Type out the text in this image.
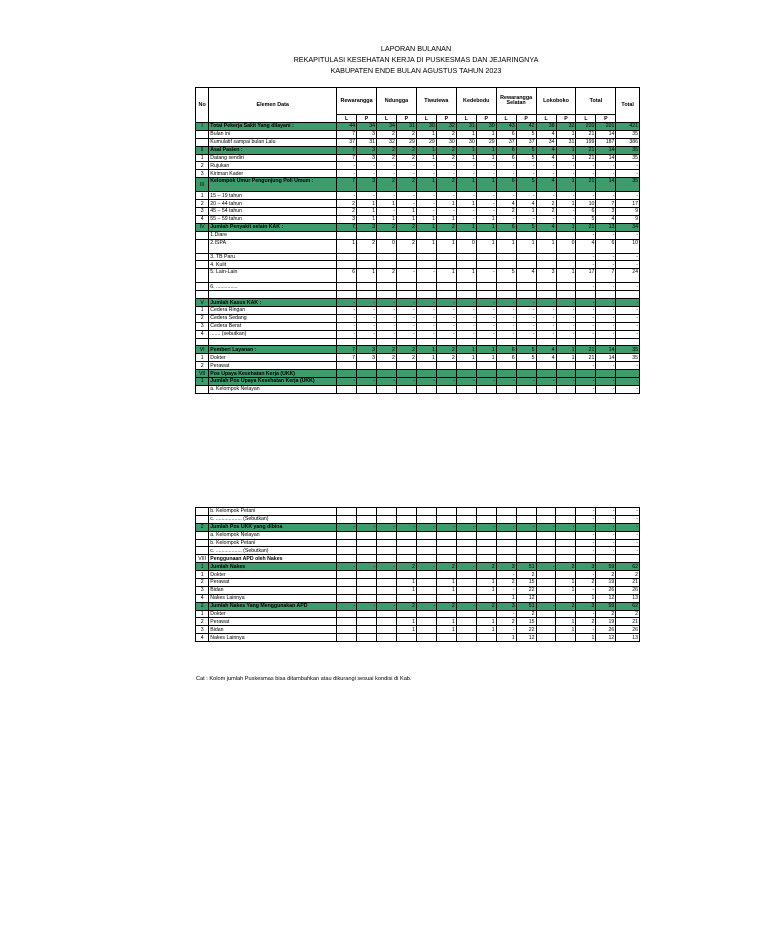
LAPORAN BULANAN
REKAPITULASI KESEHATAN KERJA DI PUSKESMAS DAN JEJARINGNYA
KABUPATEN ENDE BULAN AGUSTUS TAHUN 2023
No	Elemen Data	Rewarangga		Ndungga		Tiwutewa		Kedebodu		Rewarangga Selatan		Lokoboko		Total		Total
		L	P	L	P	L	P	L	P	L	P	L	P	L	P	
I	Total Pekerja Sakit Yang dilayani :	44	34	34	31	30	32	31	30	43	42	38	32	220	201	421
	Bulan ini	7	3	2	2	1	2	1	1	6	5	4	1	21	14	35
	Kumulatif sampai bulan Lalu	37	31	32	29	29	30	30	29	37	37	34	31	199	187	386
II	Asal Pasien :	7	3	2	2	1	2	1	1	6	5	4	1	21	14	35
1	Datang sendiri	7	3	2	2	1	2	1	1	6	5	4	1	21	14	35
2	Rujukan	-	-	-	-	-	-	-	-	-	-	-	-	-	-	-
3	Kiriman Kader	-	-	-	-	-	-	-	-	-	-	-	-	-	-	-
III	Kelompok Umur Pengunjung Poli Umum :	7	3	2	2	1	2	1	1	6	5	4	1	21	14	35
1	15 – 19 tahun	-	-	-	-	-	-	-	-	-	-	-	-	-	-	-
2	20 – 44 tahun	2	1	1	-	-	1	1	-	4	4	2	1	10	7	17
3	45 – 54 tahun	2	1	-	1	-	-	-	-	2	1	2	-	6	3	9
4	55 – 59 tahun	3	1	1	1	1	1	-	1	-	-	-	-	5	4	9
IV	Jumlah Penyakit selain KAK :	7	3	2	2	1	2	1	1	6	5	4	1	21	13	34
	1.Diare													-	-	-
	2.ISPA	1	2	0	2	1	1	0	1	1	1	1	0	4	6	10
	3. TB Paru													-	-	-
	4. Kulit													-	-	-
	5. Lain-Lain	6	1	2	-	-	1	1	-	5	4	3	1	17	7	24
	6. ...............													-	-	-

V	Jumlah Kasus KAK :	-	-	-	-	-	-	-	-	-	-	-	-	-	-	-
1	Cedera Ringan	-	-	-	-	-	-	-	-	-	-	-	-	-	-	-
2	Cedera Sedang	-	-	-	-	-	-	-	-	-	-	-	-	-	-	-
3	Cedera Berat	-	-	-	-	-	-	-	-	-	-	-	-	-	-	-
4	....... (sebutkan)	-	-	-	-	-	-	-	-	-	-	-	-	-	-	-

VI	Pemberi Layanan :	7	3	2	2	1	2	1	1	6	5	4	1	21	14	35
1	Dokter	7	3	2	2	1	2	1	1	6	5	4	1	21	14	35
2	Perawat													-	-	-
VII	Pos Upaya Kesehatan Kerja (UKK)															
1	Jumlah Pos Upaya Kesehatan Kerja (UKK)	-	-	-	-	-	-	-	-	-	-	-	-	-	-	-
	a. Kelompok Nelayan													-	-	-
	b. Kelompok Petani													-	-	-
	c. .................. (Sebutkan)													-	-	-
2	Jumlah Pos UKK yang dibina	-	-	-	-	-	-	-	-	-	-	-	-	-	-	-
	a. Kelompok Nelayan													-	-	-
	b. Kelompok Petani													-	-	-
	c. .................. (Sebutkan)													-	-	-
VIII	Penggunaan APD oleh Nakes															
1	Jumlah Nakes	-	-	-	2	-	2	-	2	3	51	-	2	3	59	62
1	Dokter									-	2			-	2	2
2	Perawat				1		1		1	2	15		1	2	19	21
3	Bidan				1		1		1	-	22		1	-	26	26
4	Nakes Lainnya									1	12			1	12	13
2	Jumlah Nakes Yang Menggunakan APD	-	-	-	2	-	2	-	2	3	51	-	2	3	59	62
1	Dokter									-	2			-	2	2
2	Perawat				1		1		1	2	15		1	2	19	21
3	Bidan				1		1		1	-	22		1	-	26	26
4	Nakes Lainnya									1	12			1	12	13
Cat : Kolom jumlah Puskesmas bisa ditambahkan atau dikurangi sesuai kondisi di Kab.
